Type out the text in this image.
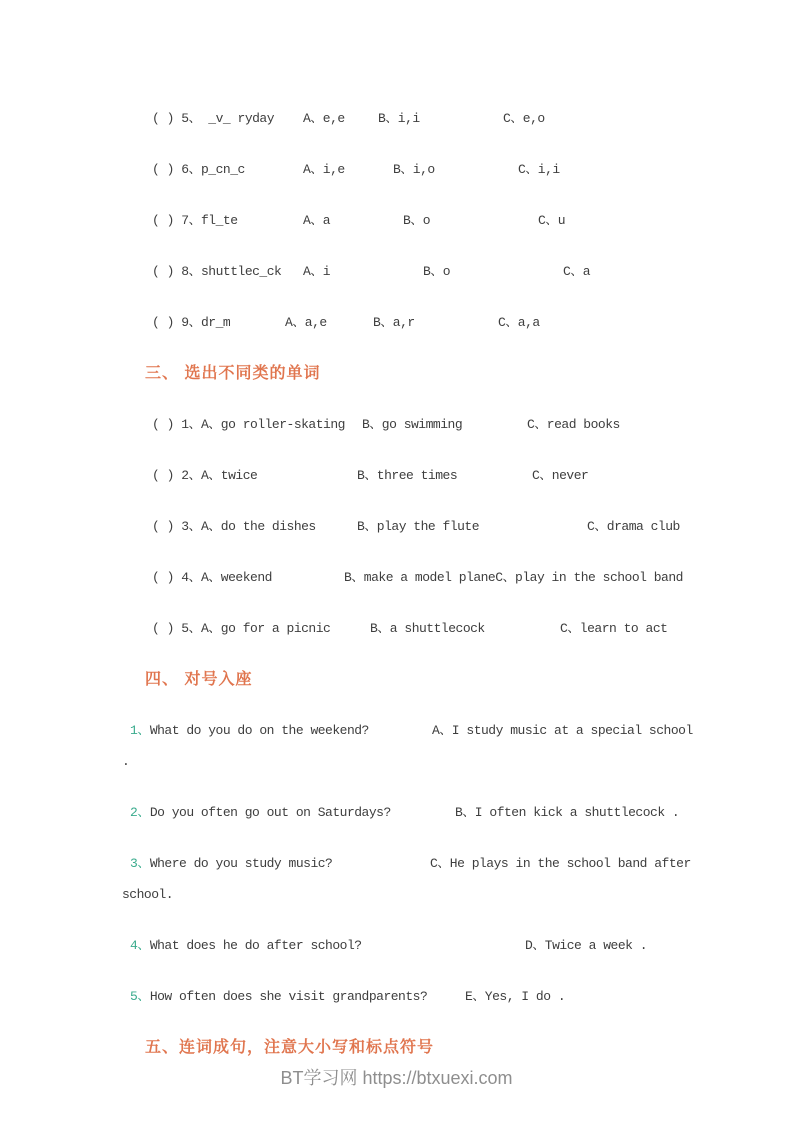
( ) 5、 _v_ ryday A、e,e	B、i,i	C、e,o

( ) 6、p_cn_c	A、i,e	B、i,o	C、i,i

( ) 7、fl_te	A、a	B、o	C、u

( ) 8、shuttlec_ck A、i	B、o	C、a

( ) 9、dr_m	A、a,e	B、a,r	C、a,a

三、 选出不同类的单词

( ) 1、A、go roller-skating B、go swimming	C、read books

( ) 2、A、twice	B、three times	C、never

( ) 3、A、do the dishes	B、play the flute	C、drama club

( ) 4、A、weekend	B、make a model planeC、play in the school band

( ) 5、A、go for a picnic	B、a shuttlecock	C、learn to act

四、 对号入座

1、What do you do on the weekend?	A、I study music at a special school .

2、Do you often go out on Saturdays?	B、I often kick a shuttlecock .

3、Where do you study music?	C、He plays in the school band after school.

4、What does he do after school?	D、Twice a week .

5、How often does she visit grandparents?	E、Yes, I do .

五、连词成句，注意大小写和标点符号
BT学习网 https://btxuexi.com
